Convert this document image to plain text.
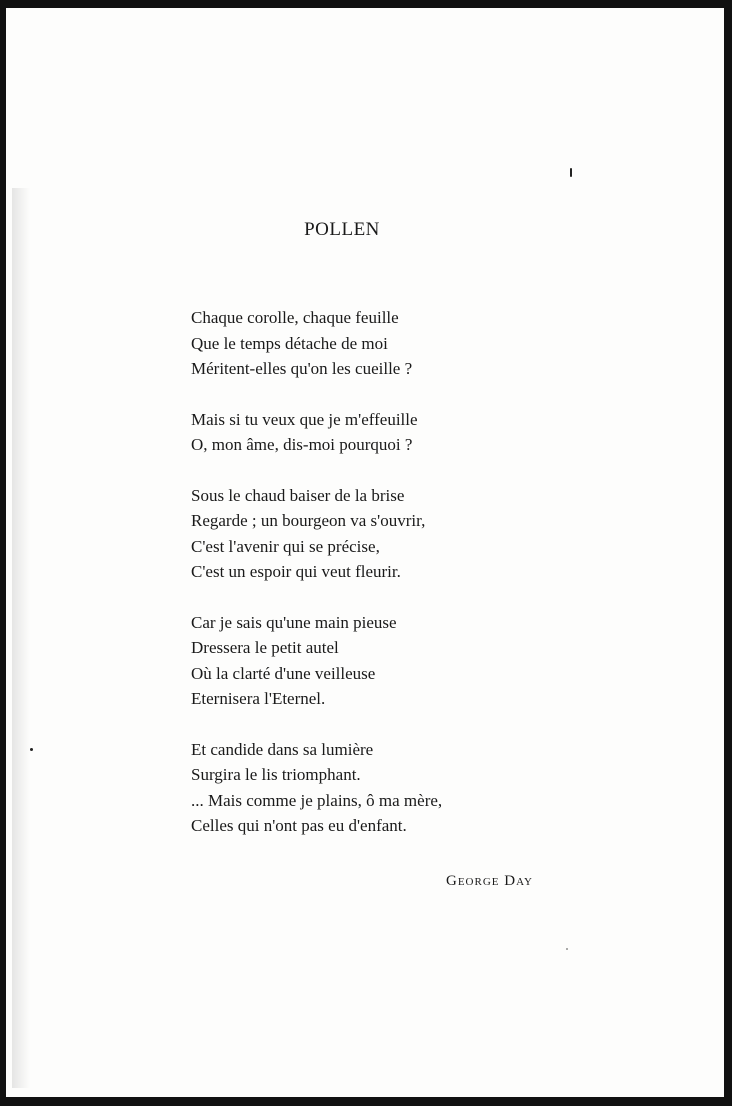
POLLEN
Chaque corolle, chaque feuille
Que le temps détache de moi
Méritent-elles qu'on les cueille ?
Mais si tu veux que je m'effeuille
O, mon âme, dis-moi pourquoi ?
Sous le chaud baiser de la brise
Regarde ; un bourgeon va s'ouvrir,
C'est l'avenir qui se précise,
C'est un espoir qui veut fleurir.
Car je sais qu'une main pieuse
Dressera le petit autel
Où la clarté d'une veilleuse
Eternisera l'Eternel.
Et candide dans sa lumière
Surgira le lis triomphant.
... Mais comme je plains, ô ma mère,
Celles qui n'ont pas eu d'enfant.
George Day
